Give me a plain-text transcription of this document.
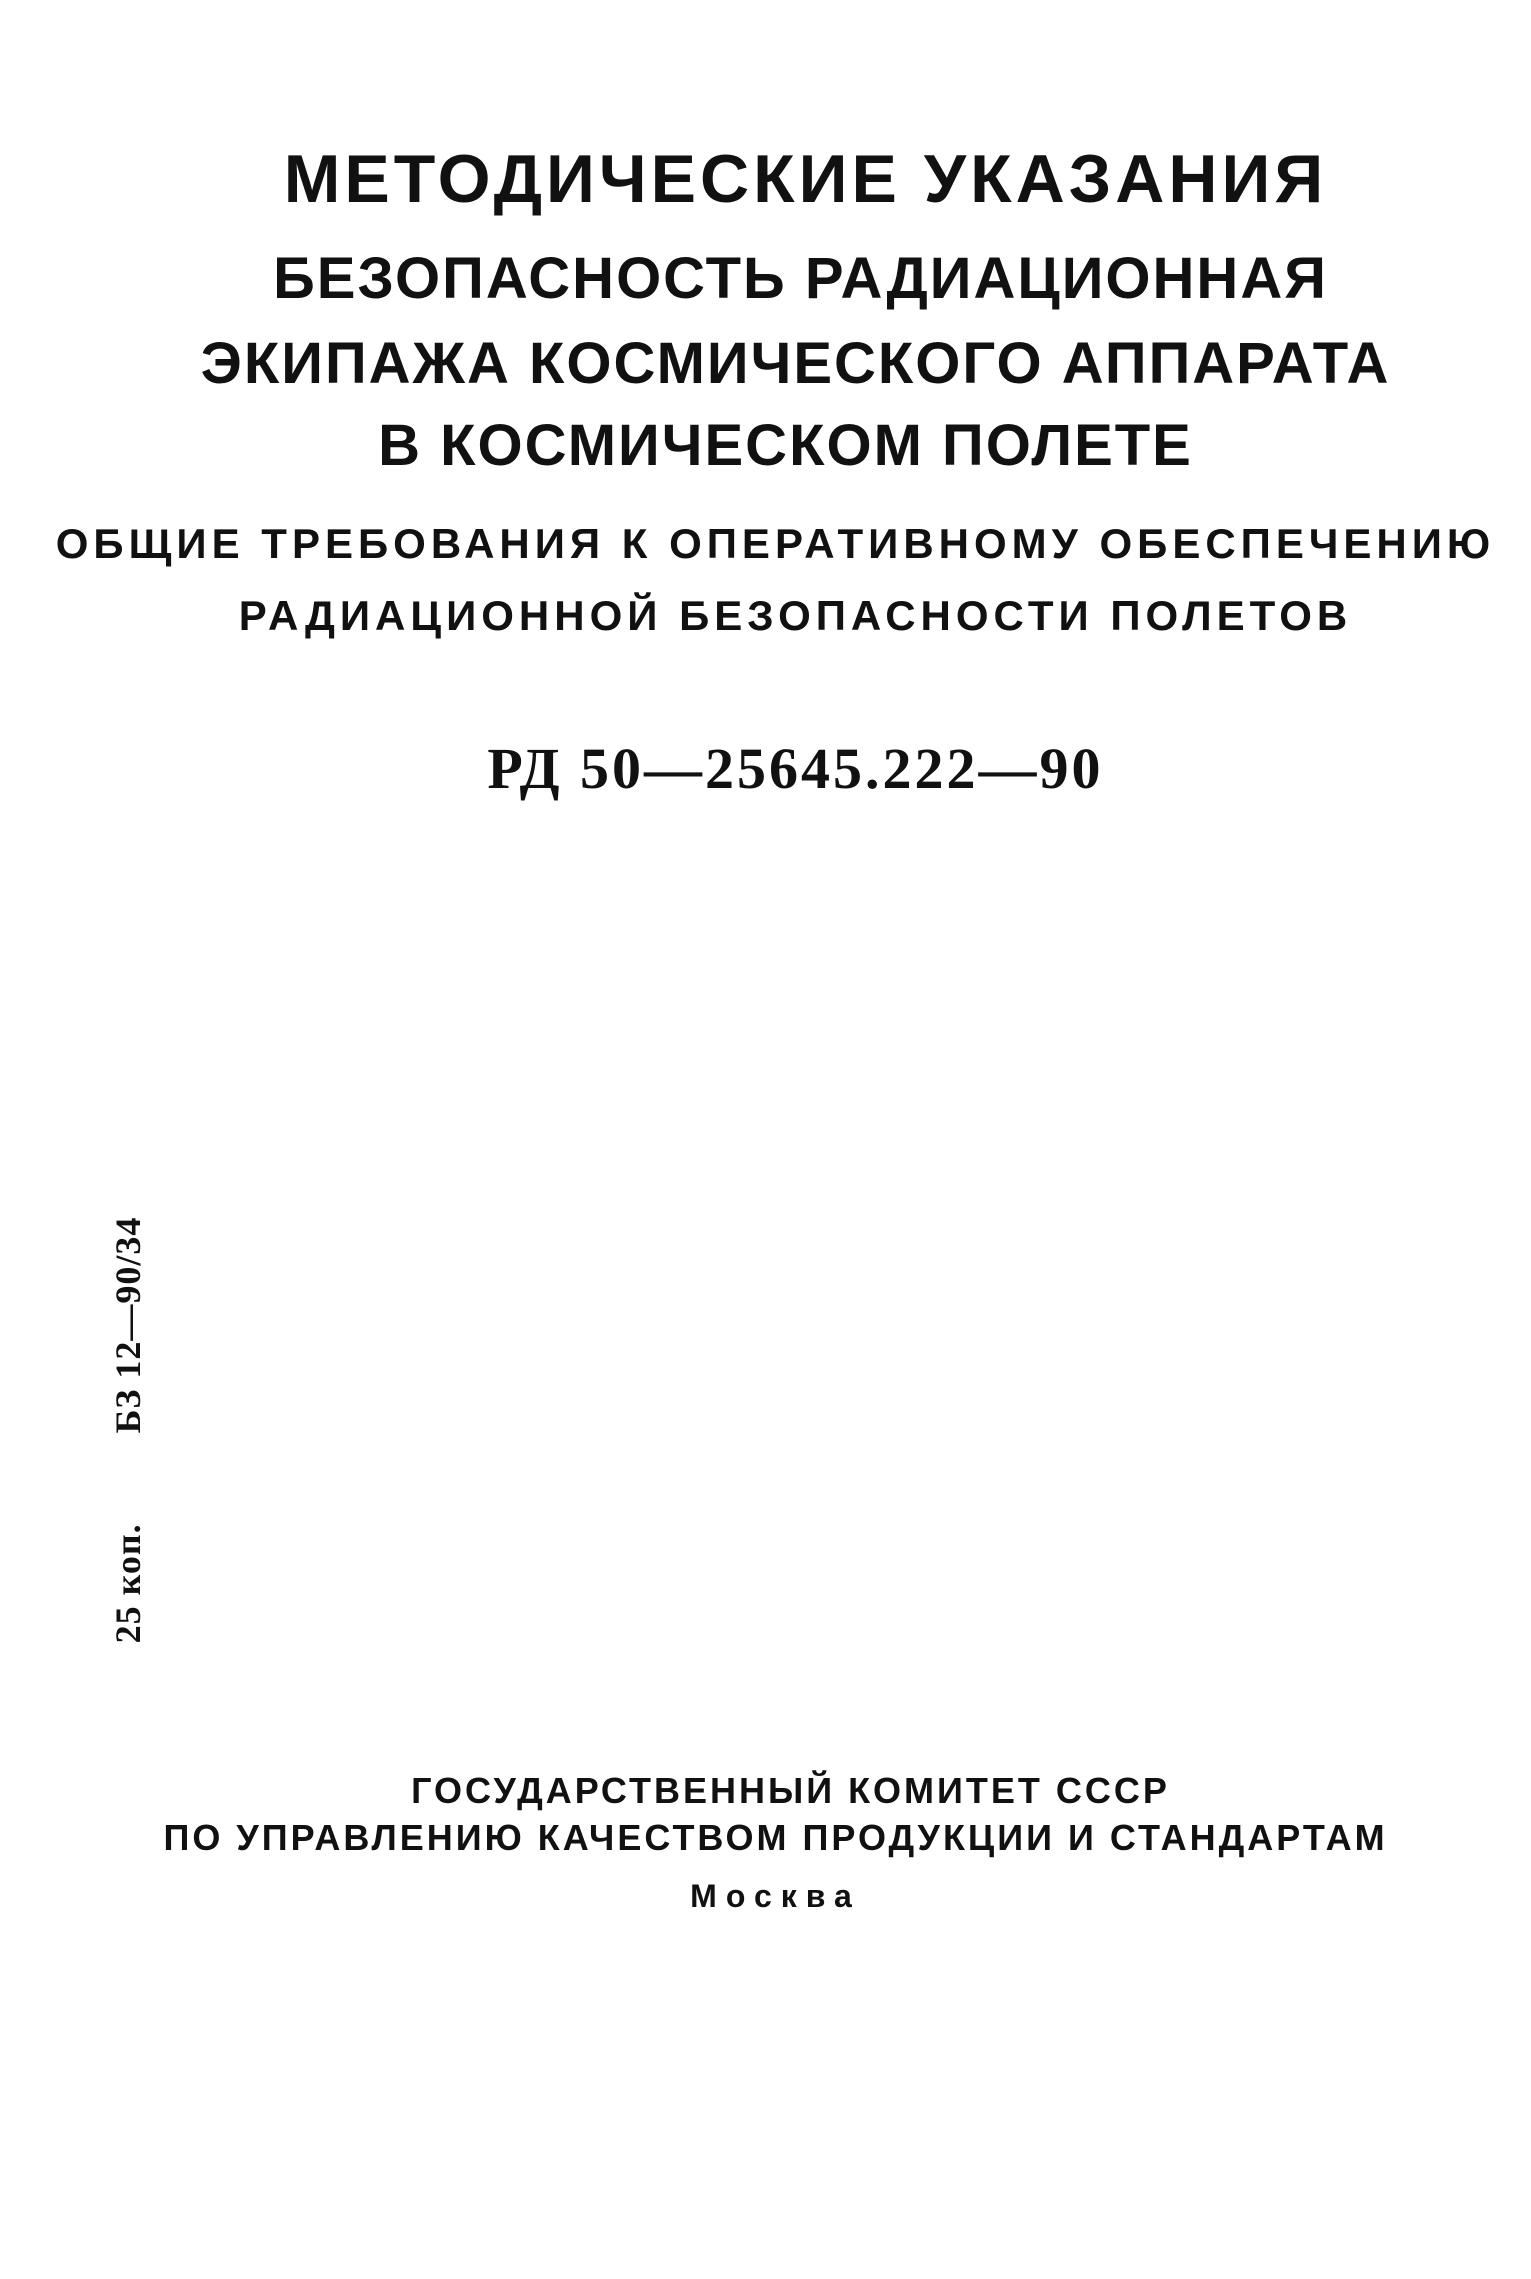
МЕТОДИЧЕСКИЕ УКАЗАНИЯ
БЕЗОПАСНОСТЬ РАДИАЦИОННАЯ
ЭКИПАЖА КОСМИЧЕСКОГО АППАРАТА
В КОСМИЧЕСКОМ ПОЛЕТЕ
ОБЩИЕ ТРЕБОВАНИЯ К ОПЕРАТИВНОМУ ОБЕСПЕЧЕНИЮ
РАДИАЦИОННОЙ БЕЗОПАСНОСТИ ПОЛЕТОВ
РД 50—25645.222—90
25 коп.БЗ 12—90/34
ГОСУДАРСТВЕННЫЙ КОМИТЕТ СССР
ПО УПРАВЛЕНИЮ КАЧЕСТВОМ ПРОДУКЦИИ И СТАНДАРТАМ
Москва
